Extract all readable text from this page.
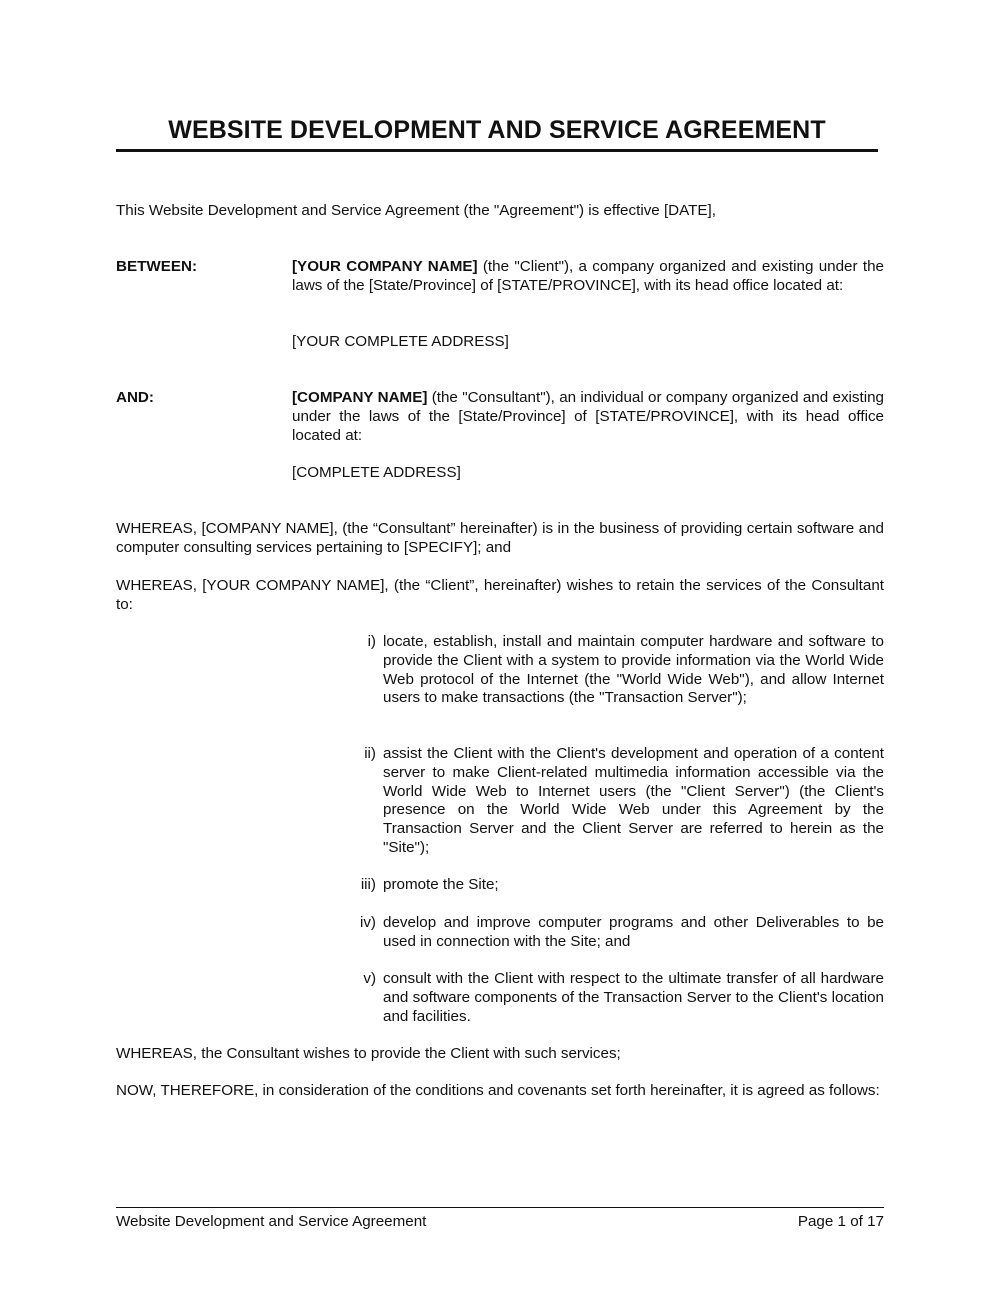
WEBSITE DEVELOPMENT AND SERVICE AGREEMENT

This Website Development and Service Agreement (the "Agreement") is effective [DATE],

BETWEEN:	[YOUR COMPANY NAME] (the "Client"), a company organized and existing under the laws of the [State/Province] of [STATE/PROVINCE], with its head office located at:

[YOUR COMPLETE ADDRESS]

AND:	[COMPANY NAME] (the "Consultant"), an individual or company organized and existing under the laws of the [State/Province] of [STATE/PROVINCE], with its head office located at:

[COMPLETE ADDRESS]

WHEREAS, [COMPANY NAME], (the “Consultant” hereinafter) is in the business of providing certain software and computer consulting services pertaining to [SPECIFY]; and

WHEREAS, [YOUR COMPANY NAME], (the “Client”, hereinafter) wishes to retain the services of the Consultant to:

i) locate, establish, install and maintain computer hardware and software to provide the Client with a system to provide information via the World Wide Web protocol of the Internet (the "World Wide Web"), and allow Internet users to make transactions (the "Transaction Server");

ii) assist the Client with the Client's development and operation of a content server to make Client-related multimedia information accessible via the World Wide Web to Internet users (the "Client Server") (the Client's presence on the World Wide Web under this Agreement by the Transaction Server and the Client Server are referred to herein as the "Site");

iii) promote the Site;

iv) develop and improve computer programs and other Deliverables to be used in connection with the Site; and

v) consult with the Client with respect to the ultimate transfer of all hardware and software components of the Transaction Server to the Client's location and facilities.

WHEREAS, the Consultant wishes to provide the Client with such services;

NOW, THEREFORE, in consideration of the conditions and covenants set forth hereinafter, it is agreed as follows:

Website Development and Service Agreement	Page 1 of 17
